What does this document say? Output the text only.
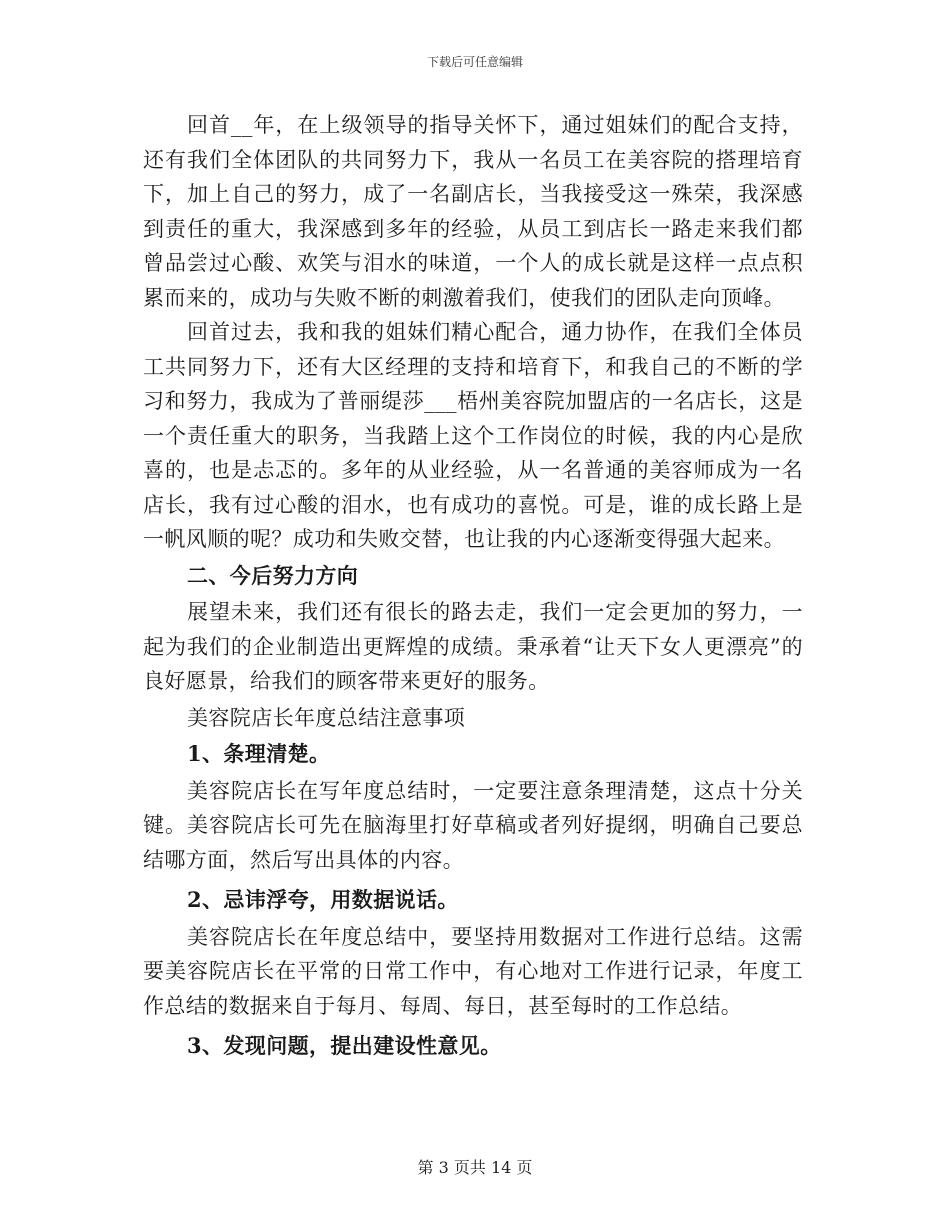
下载后可任意编辑

回首__年，在上级领导的指导关怀下，通过姐妹们的配合支持，还有我们全体团队的共同努力下，我从一名员工在美容院的搭理培育下，加上自己的努力，成了一名副店长，当我接受这一殊荣，我深感到责任的重大，我深感到多年的经验，从员工到店长一路走来我们都曾品尝过心酸、欢笑与泪水的味道，一个人的成长就是这样一点点积累而来的，成功与失败不断的刺激着我们，使我们的团队走向顶峰。

回首过去，我和我的姐妹们精心配合，通力协作，在我们全体员工共同努力下，还有大区经理的支持和培育下，和我自己的不断的学习和努力，我成为了普丽缇莎___梧州美容院加盟店的一名店长，这是一个责任重大的职务，当我踏上这个工作岗位的时候，我的内心是欣喜的，也是忐忑的。多年的从业经验，从一名普通的美容师成为一名店长，我有过心酸的泪水，也有成功的喜悦。可是，谁的成长路上是一帆风顺的呢？成功和失败交替，也让我的内心逐渐变得强大起来。

二、今后努力方向

展望未来，我们还有很长的路去走，我们一定会更加的努力，一起为我们的企业制造出更辉煌的成绩。秉承着“让天下女人更漂亮”的良好愿景，给我们的顾客带来更好的服务。

美容院店长年度总结注意事项

1、条理清楚。

美容院店长在写年度总结时，一定要注意条理清楚，这点十分关键。美容院店长可先在脑海里打好草稿或者列好提纲，明确自己要总结哪方面，然后写出具体的内容。

2、忌讳浮夸，用数据说话。

美容院店长在年度总结中，要坚持用数据对工作进行总结。这需要美容院店长在平常的日常工作中，有心地对工作进行记录，年度工作总结的数据来自于每月、每周、每日，甚至每时的工作总结。

3、发现问题，提出建设性意见。

第 3 页共 14 页
